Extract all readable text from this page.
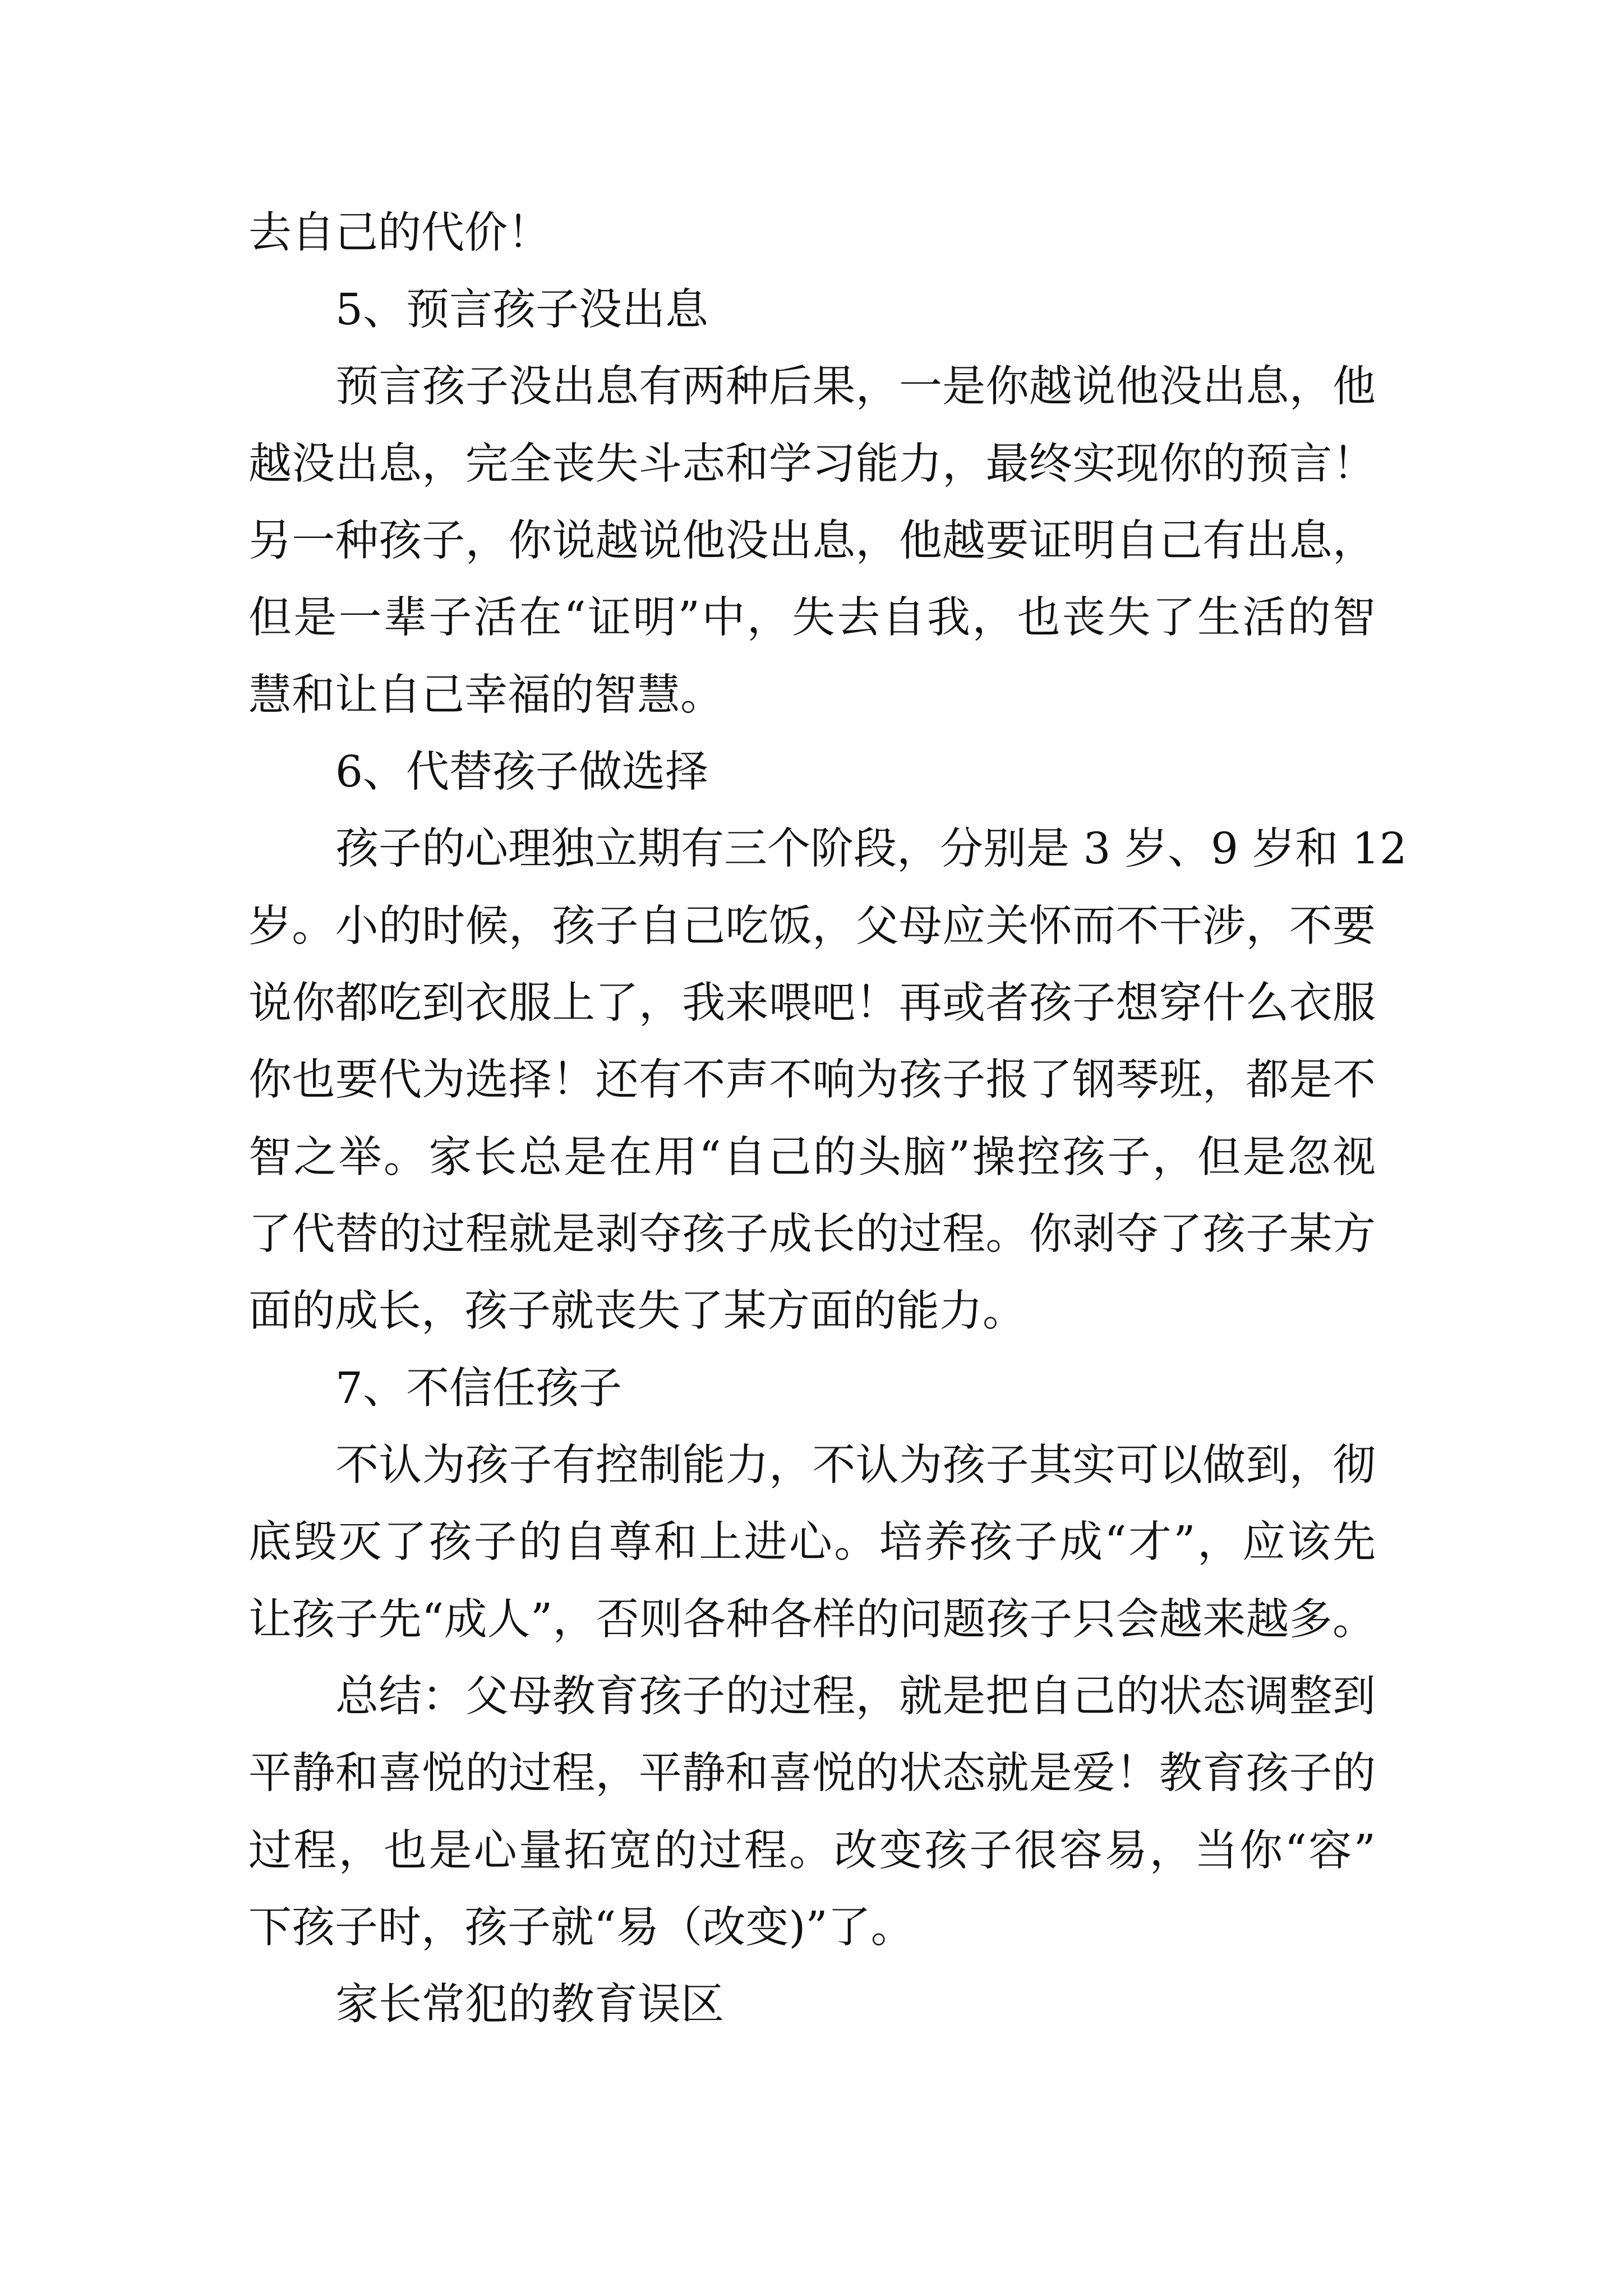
去自己的代价！

5、预言孩子没出息

预言孩子没出息有两种后果，一是你越说他没出息，他

越没出息，完全丧失斗志和学习能力，最终实现你的预言！

另一种孩子，你说越说他没出息，他越要证明自己有出息，

但是一辈子活在“证明”中，失去自我，也丧失了生活的智

慧和让自己幸福的智慧。

6、代替孩子做选择

孩子的心理独立期有三个阶段，分别是 3 岁、9 岁和 12

岁。小的时候，孩子自己吃饭，父母应关怀而不干涉，不要

说你都吃到衣服上了，我来喂吧！再或者孩子想穿什么衣服

你也要代为选择！还有不声不响为孩子报了钢琴班，都是不

智之举。家长总是在用“自己的头脑”操控孩子，但是忽视

了代替的过程就是剥夺孩子成长的过程。你剥夺了孩子某方

面的成长，孩子就丧失了某方面的能力。

7、不信任孩子

不认为孩子有控制能力，不认为孩子其实可以做到，彻

底毁灭了孩子的自尊和上进心。培养孩子成“才”，应该先

让孩子先“成人”，否则各种各样的问题孩子只会越来越多。

总结：父母教育孩子的过程，就是把自己的状态调整到

平静和喜悦的过程，平静和喜悦的状态就是爱！教育孩子的

过程，也是心量拓宽的过程。改变孩子很容易，当你“容”

下孩子时，孩子就“易（改变)”了。

家长常犯的教育误区
